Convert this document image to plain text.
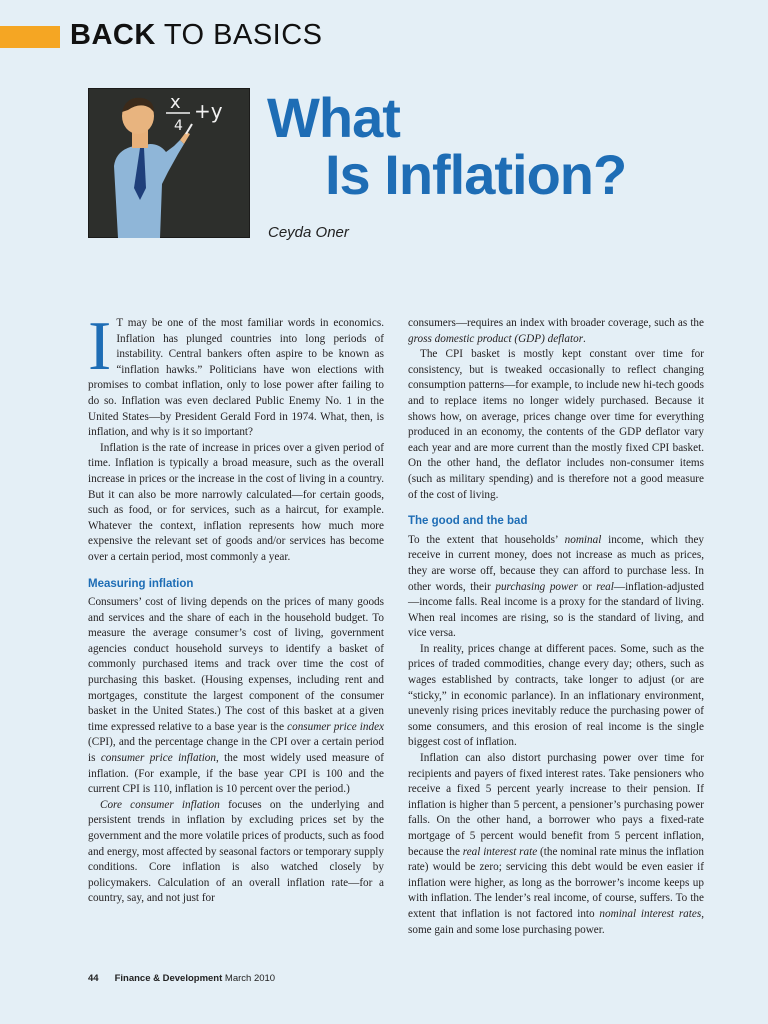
BACK TO BASICS
x
4
+y What
Is Inflation?
Ceyda Oner

I T may be one of the most familiar words in economics. Inflation has plunged countries into long periods of instability. Central bankers often aspire to be known as “inflation hawks.” Politicians have won elections with promises to combat inflation, only to lose power after failing to do so. Inflation was even declared Public Enemy No. 1 in the United States—by President Gerald Ford in 1974. What, then, is inflation, and why is it so important?

Inflation is the rate of increase in prices over a given period of time. Inflation is typically a broad measure, such as the overall increase in prices or the increase in the cost of living in a country. But it can also be more narrowly calculated—for certain goods, such as food, or for services, such as a haircut, for example. Whatever the context, inflation represents how much more expensive the relevant set of goods and/or services has become over a certain period, most commonly a year.

Measuring inflation

Consumers’ cost of living depends on the prices of many goods and services and the share of each in the household budget. To measure the average consumer’s cost of living, government agencies conduct household surveys to identify a basket of commonly purchased items and track over time the cost of purchasing this basket. (Housing expenses, including rent and mortgages, constitute the largest component of the consumer basket in the United States.) The cost of this basket at a given time expressed relative to a base year is the consumer price index (CPI), and the percentage change in the CPI over a certain period is consumer price inflation, the most widely used measure of inflation. (For example, if the base year CPI is 100 and the current CPI is 110, inflation is 10 percent over the period.)

Core consumer inflation focuses on the underlying and persistent trends in inflation by excluding prices set by the government and the more volatile prices of products, such as food and energy, most affected by seasonal factors or temporary supply conditions. Core inflation is also watched closely by policymakers. Calculation of an overall inflation rate—for a country, say, and not just for

consumers—requires an index with broader coverage, such as the gross domestic product (GDP) deflator.

The CPI basket is mostly kept constant over time for consistency, but is tweaked occasionally to reflect changing consumption patterns—for example, to include new hi-tech goods and to replace items no longer widely purchased. Because it shows how, on average, prices change over time for everything produced in an economy, the contents of the GDP deflator vary each year and are more current than the mostly fixed CPI basket. On the other hand, the deflator includes non-consumer items (such as military spending) and is therefore not a good measure of the cost of living.

The good and the bad

To the extent that households’ nominal income, which they receive in current money, does not increase as much as prices, they are worse off, because they can afford to purchase less. In other words, their purchasing power or real—inflation-adjusted—income falls. Real income is a proxy for the standard of living. When real incomes are rising, so is the standard of living, and vice versa.

In reality, prices change at different paces. Some, such as the prices of traded commodities, change every day; others, such as wages established by contracts, take longer to adjust (or are “sticky,” in economic parlance). In an inflationary environment, unevenly rising prices inevitably reduce the purchasing power of some consumers, and this erosion of real income is the single biggest cost of inflation.

Inflation can also distort purchasing power over time for recipients and payers of fixed interest rates. Take pensioners who receive a fixed 5 percent yearly increase to their pension. If inflation is higher than 5 percent, a pensioner’s purchasing power falls. On the other hand, a borrower who pays a fixed-rate mortgage of 5 percent would benefit from 5 percent inflation, because the real interest rate (the nominal rate minus the inflation rate) would be zero; servicing this debt would be even easier if inflation were higher, as long as the borrower’s income keeps up with inflation. The lender’s real income, of course, suffers. To the extent that inflation is not factored into nominal interest rates, some gain and some lose purchasing power.

44 Finance & Development March 2010
